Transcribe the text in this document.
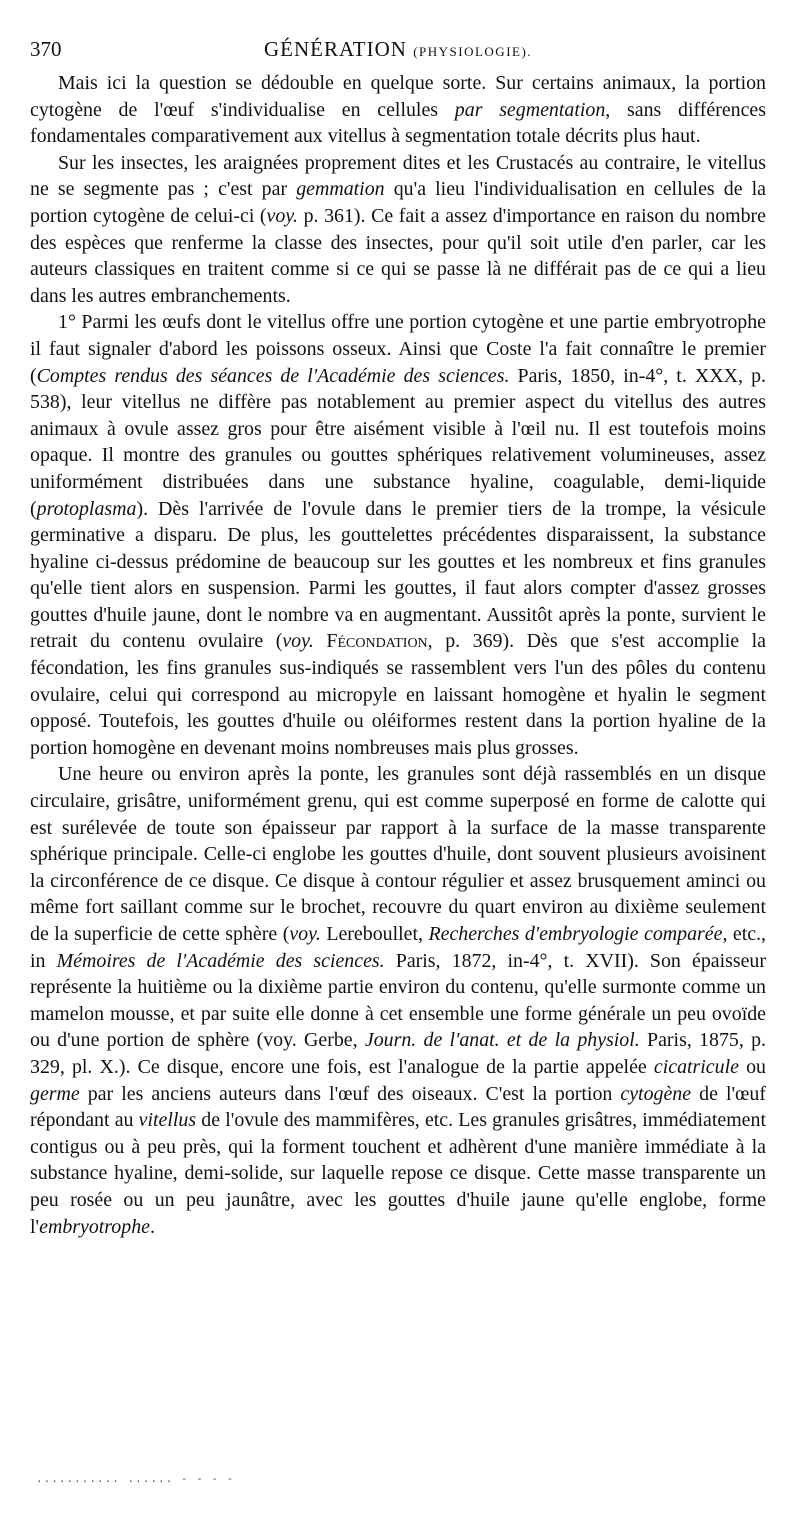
370	GÉNÉRATION (PHYSIOLOGIE).

Mais ici la question se dédouble en quelque sorte. Sur certains animaux, la portion cytogène de l'œuf s'individualise en cellules par segmentation, sans différences fondamentales comparativement aux vitellus à segmentation totale décrits plus haut.

Sur les insectes, les araignées proprement dites et les Crustacés au contraire, le vitellus ne se segmente pas ; c'est par gemmation qu'a lieu l'individualisation en cellules de la portion cytogène de celui-ci (voy. p. 361). Ce fait a assez d'importance en raison du nombre des espèces que renferme la classe des insectes, pour qu'il soit utile d'en parler, car les auteurs classiques en traitent comme si ce qui se passe là ne différait pas de ce qui a lieu dans les autres embranchements.

1° Parmi les œufs dont le vitellus offre une portion cytogène et une partie embryotrophe il faut signaler d'abord les poissons osseux. Ainsi que Coste l'a fait connaître le premier (Comptes rendus des séances de l'Académie des sciences. Paris, 1850, in-4°, t. XXX, p. 538), leur vitellus ne diffère pas notablement au premier aspect du vitellus des autres animaux à ovule assez gros pour être aisément visible à l'œil nu. Il est toutefois moins opaque. Il montre des granules ou gouttes sphériques relativement volumineuses, assez uniformément distribuées dans une substance hyaline, coagulable, demi-liquide (protoplasma). Dès l'arrivée de l'ovule dans le premier tiers de la trompe, la vésicule germinative a disparu. De plus, les gouttelettes précédentes disparaissent, la substance hyaline ci-dessus prédomine de beaucoup sur les gouttes et les nombreux et fins granules qu'elle tient alors en suspension. Parmi les gouttes, il faut alors compter d'assez grosses gouttes d'huile jaune, dont le nombre va en augmentant. Aussitôt après la ponte, survient le retrait du contenu ovulaire (voy. Fécondation, p. 369). Dès que s'est accomplie la fécondation, les fins granules sus-indiqués se rassemblent vers l'un des pôles du contenu ovulaire, celui qui correspond au micropyle en laissant homogène et hyalin le segment opposé. Toutefois, les gouttes d'huile ou oléiformes restent dans la portion hyaline de la portion homogène en devenant moins nombreuses mais plus grosses.

Une heure ou environ après la ponte, les granules sont déjà rassemblés en un disque circulaire, grisâtre, uniformément grenu, qui est comme superposé en forme de calotte qui est surélevée de toute son épaisseur par rapport à la surface de la masse transparente sphérique principale. Celle-ci englobe les gouttes d'huile, dont souvent plusieurs avoisinent la circonférence de ce disque. Ce disque à contour régulier et assez brusquement aminci ou même fort saillant comme sur le brochet, recouvre du quart environ au dixième seulement de la superficie de cette sphère (voy. Lereboullet, Recherches d'embryologie comparée, etc., in Mémoires de l'Académie des sciences. Paris, 1872, in-4°, t. XVII). Son épaisseur représente la huitième ou la dixième partie environ du contenu, qu'elle surmonte comme un mamelon mousse, et par suite elle donne à cet ensemble une forme générale un peu ovoïde ou d'une portion de sphère (voy. Gerbe, Journ. de l'anat. et de la physiol. Paris, 1875, p. 329, pl. X.). Ce disque, encore une fois, est l'analogue de la partie appelée cicatricule ou germe par les anciens auteurs dans l'œuf des oiseaux. C'est la portion cytogène de l'œuf répondant au vitellus de l'ovule des mammifères, etc. Les granules grisâtres, immédiatement contigus ou à peu près, qui la forment touchent et adhèrent d'une manière immédiate à la substance hyaline, demi-solide, sur laquelle repose ce disque. Cette masse transparente un peu rosée ou un peu jaunâtre, avec les gouttes d'huile jaune qu'elle englobe, forme l'embryotrophe.

........... ...... - - - -
